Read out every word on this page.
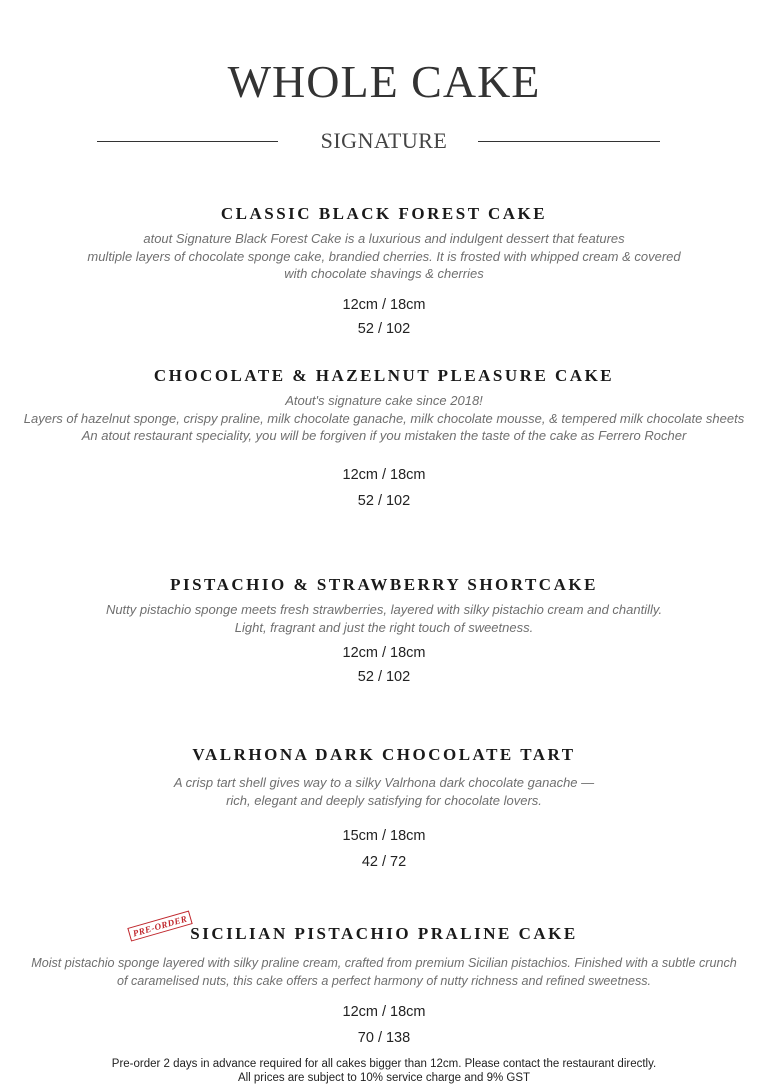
WHOLE CAKE
SIGNATURE
CLASSIC BLACK FOREST CAKE
atout Signature Black Forest Cake is a luxurious and indulgent dessert that features
multiple layers of chocolate sponge cake, brandied cherries. It is frosted with whipped cream & covered
with chocolate shavings & cherries
12cm / 18cm
52 / 102
CHOCOLATE & HAZELNUT PLEASURE CAKE
Atout's signature cake since 2018!
Layers of hazelnut sponge, crispy praline, milk chocolate ganache, milk chocolate mousse, & tempered milk chocolate sheets
An atout restaurant speciality, you will be forgiven if you mistaken the taste of the cake as Ferrero Rocher
12cm / 18cm
52 / 102
PISTACHIO & STRAWBERRY SHORTCAKE
Nutty pistachio sponge meets fresh strawberries, layered with silky pistachio cream and chantilly.
Light, fragrant and just the right touch of sweetness.
12cm / 18cm
52 / 102
VALRHONA DARK CHOCOLATE TART
A crisp tart shell gives way to a silky Valrhona dark chocolate ganache —
rich, elegant and deeply satisfying for chocolate lovers.
15cm / 18cm
42 / 72
PRE-ORDER SICILIAN PISTACHIO PRALINE CAKE
Moist pistachio sponge layered with silky praline cream, crafted from premium Sicilian pistachios. Finished with a subtle crunch
of caramelised nuts, this cake offers a perfect harmony of nutty richness and refined sweetness.
12cm / 18cm
70 / 138
Pre-order 2 days in advance required for all cakes bigger than 12cm. Please contact the restaurant directly.
All prices are subject to 10% service charge and 9% GST
